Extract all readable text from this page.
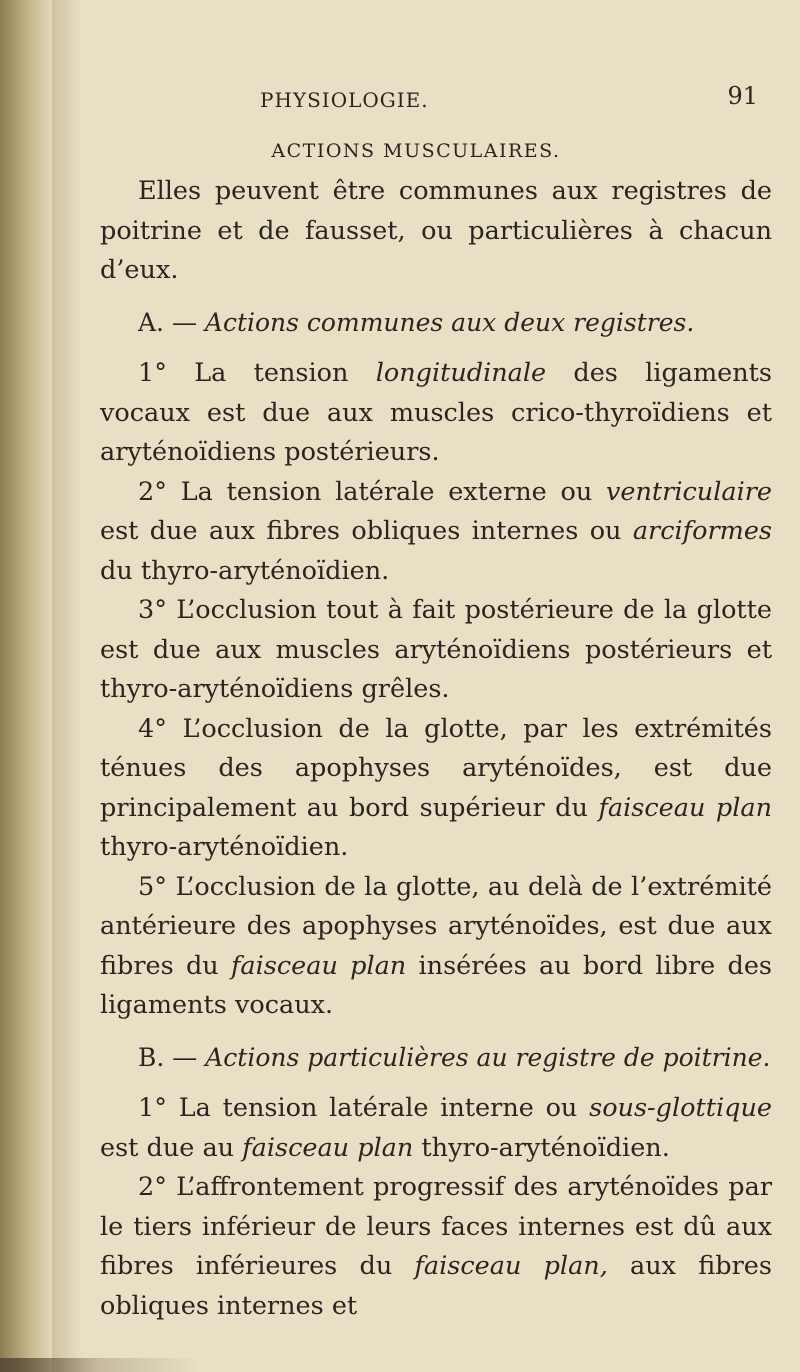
PHYSIOLOGIE.	91
ACTIONS MUSCULAIRES.

Elles peuvent être communes aux registres de poitrine et de fausset, ou particulières à chacun d’eux.

A. — Actions communes aux deux registres.

1° La tension longitudinale des ligaments vocaux est due aux muscles crico-thyroïdiens et aryténoïdiens postérieurs.

2° La tension latérale externe ou ventriculaire est due aux fibres obliques internes ou arciformes du thyro-aryténoïdien.

3° L’occlusion tout à fait postérieure de la glotte est due aux muscles aryténoïdiens postérieurs et thyro-aryténoïdiens grêles.

4° L’occlusion de la glotte, par les extrémités ténues des apophyses aryténoïdes, est due principalement au bord supérieur du faisceau plan thyro-aryténoïdien.

5° L’occlusion de la glotte, au delà de l’extrémité antérieure des apophyses aryténoïdes, est due aux fibres du faisceau plan insérées au bord libre des ligaments vocaux.

B. — Actions particulières au registre de poitrine.

1° La tension latérale interne ou sous-glottique est due au faisceau plan thyro-aryténoïdien.

2° L’affrontement progressif des aryténoïdes par le tiers inférieur de leurs faces internes est dû aux fibres inférieures du faisceau plan, aux fibres obliques internes et
